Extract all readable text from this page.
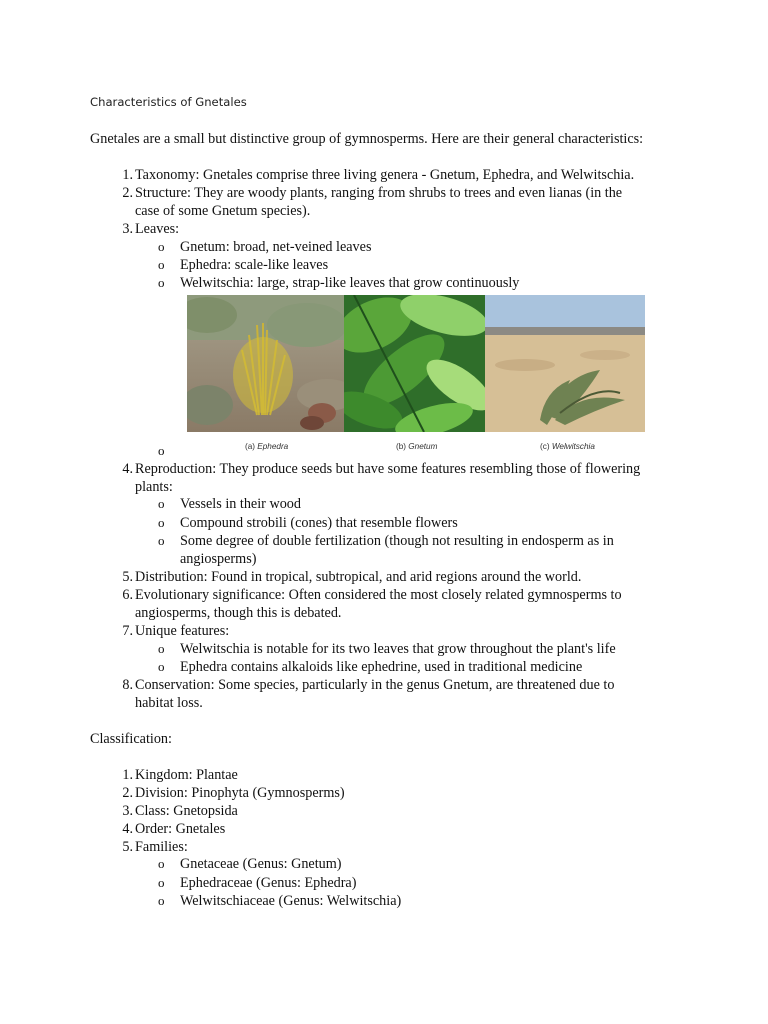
Characteristics of Gnetales
Gnetales are a small but distinctive group of gymnosperms. Here are their general characteristics:
1. Taxonomy: Gnetales comprise three living genera - Gnetum, Ephedra, and Welwitschia.
2. Structure: They are woody plants, ranging from shrubs to trees and even lianas (in the
case of some Gnetum species).
3. Leaves:
o Gnetum: broad, net-veined leaves
o Ephedra: scale-like leaves
o Welwitschia: large, strap-like leaves that grow continuously
o	(a) Ephedra	(b) Gnetum	(c) Welwitschia
4. Reproduction: They produce seeds but have some features resembling those of flowering
plants:
o Vessels in their wood
o Compound strobili (cones) that resemble flowers
o Some degree of double fertilization (though not resulting in endosperm as in
angiosperms)
5. Distribution: Found in tropical, subtropical, and arid regions around the world.
6. Evolutionary significance: Often considered the most closely related gymnosperms to
angiosperms, though this is debated.
7. Unique features:
o Welwitschia is notable for its two leaves that grow throughout the plant's life
o Ephedra contains alkaloids like ephedrine, used in traditional medicine
8. Conservation: Some species, particularly in the genus Gnetum, are threatened due to
habitat loss.
Classification:
1. Kingdom: Plantae
2. Division: Pinophyta (Gymnosperms)
3. Class: Gnetopsida
4. Order: Gnetales
5. Families:
o Gnetaceae (Genus: Gnetum)
o Ephedraceae (Genus: Ephedra)
o Welwitschiaceae (Genus: Welwitschia)
